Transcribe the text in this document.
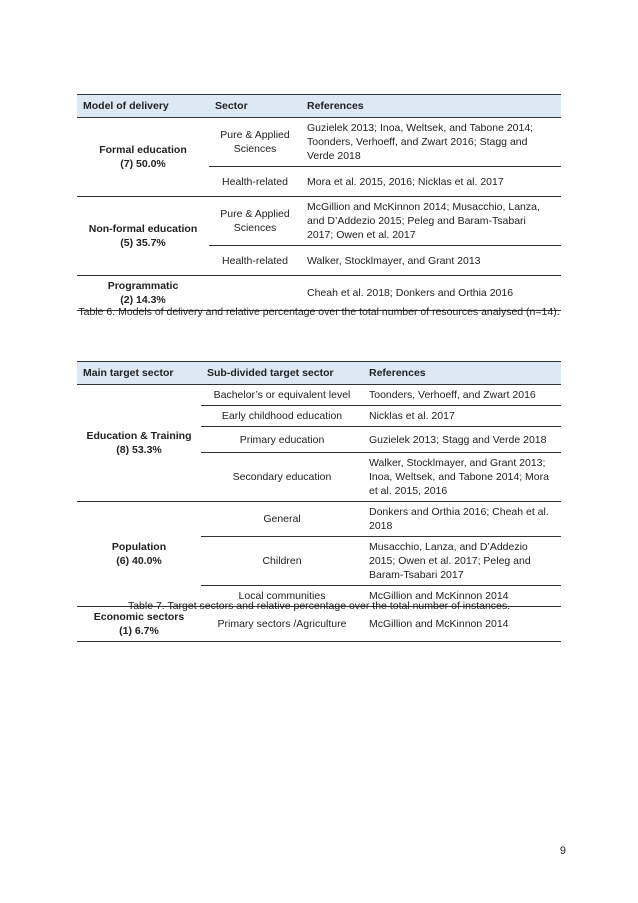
Model of delivery	Sector	References

Formal education
(7) 50.0%	Pure & Applied Sciences	Guzielek 2013; Inoa, Weltsek, and Tabone 2014; Toonders, Verhoeff, and Zwart 2016; Stagg and Verde 2018
	Health-related	Mora et al. 2015, 2016; Nicklas et al. 2017

Non-formal education
(5) 35.7%	Pure & Applied Sciences	McGillion and McKinnon 2014; Musacchio, Lanza, and D’Addezio 2015; Peleg and Baram-Tsabari 2017; Owen et al. 2017
	Health-related	Walker, Stocklmayer, and Grant 2013

Programmatic
(2) 14.3%		Cheah et al. 2018; Donkers and Orthia 2016
Table 6. Models of delivery and relative percentage over the total number of resources analysed (n=14).
Main target sector	Sub-divided target sector	References

Education & Training
(8) 53.3%	Bachelor’s or equivalent level	Toonders, Verhoeff, and Zwart 2016
	Early childhood education	Nicklas et al. 2017
	Primary education	Guzielek 2013; Stagg and Verde 2018
	Secondary education	Walker, Stocklmayer, and Grant 2013; Inoa, Weltsek, and Tabone 2014; Mora et al. 2015, 2016

Population
(6) 40.0%	General	Donkers and Orthia 2016; Cheah et al. 2018
	Children	Musacchio, Lanza, and D’Addezio 2015; Owen et al. 2017; Peleg and Baram-Tsabari 2017
	Local communities	McGillion and McKinnon 2014

Economic sectors
(1) 6.7%	Primary sectors /Agriculture	McGillion and McKinnon 2014
Table 7. Target sectors and relative percentage over the total number of instances.
9
